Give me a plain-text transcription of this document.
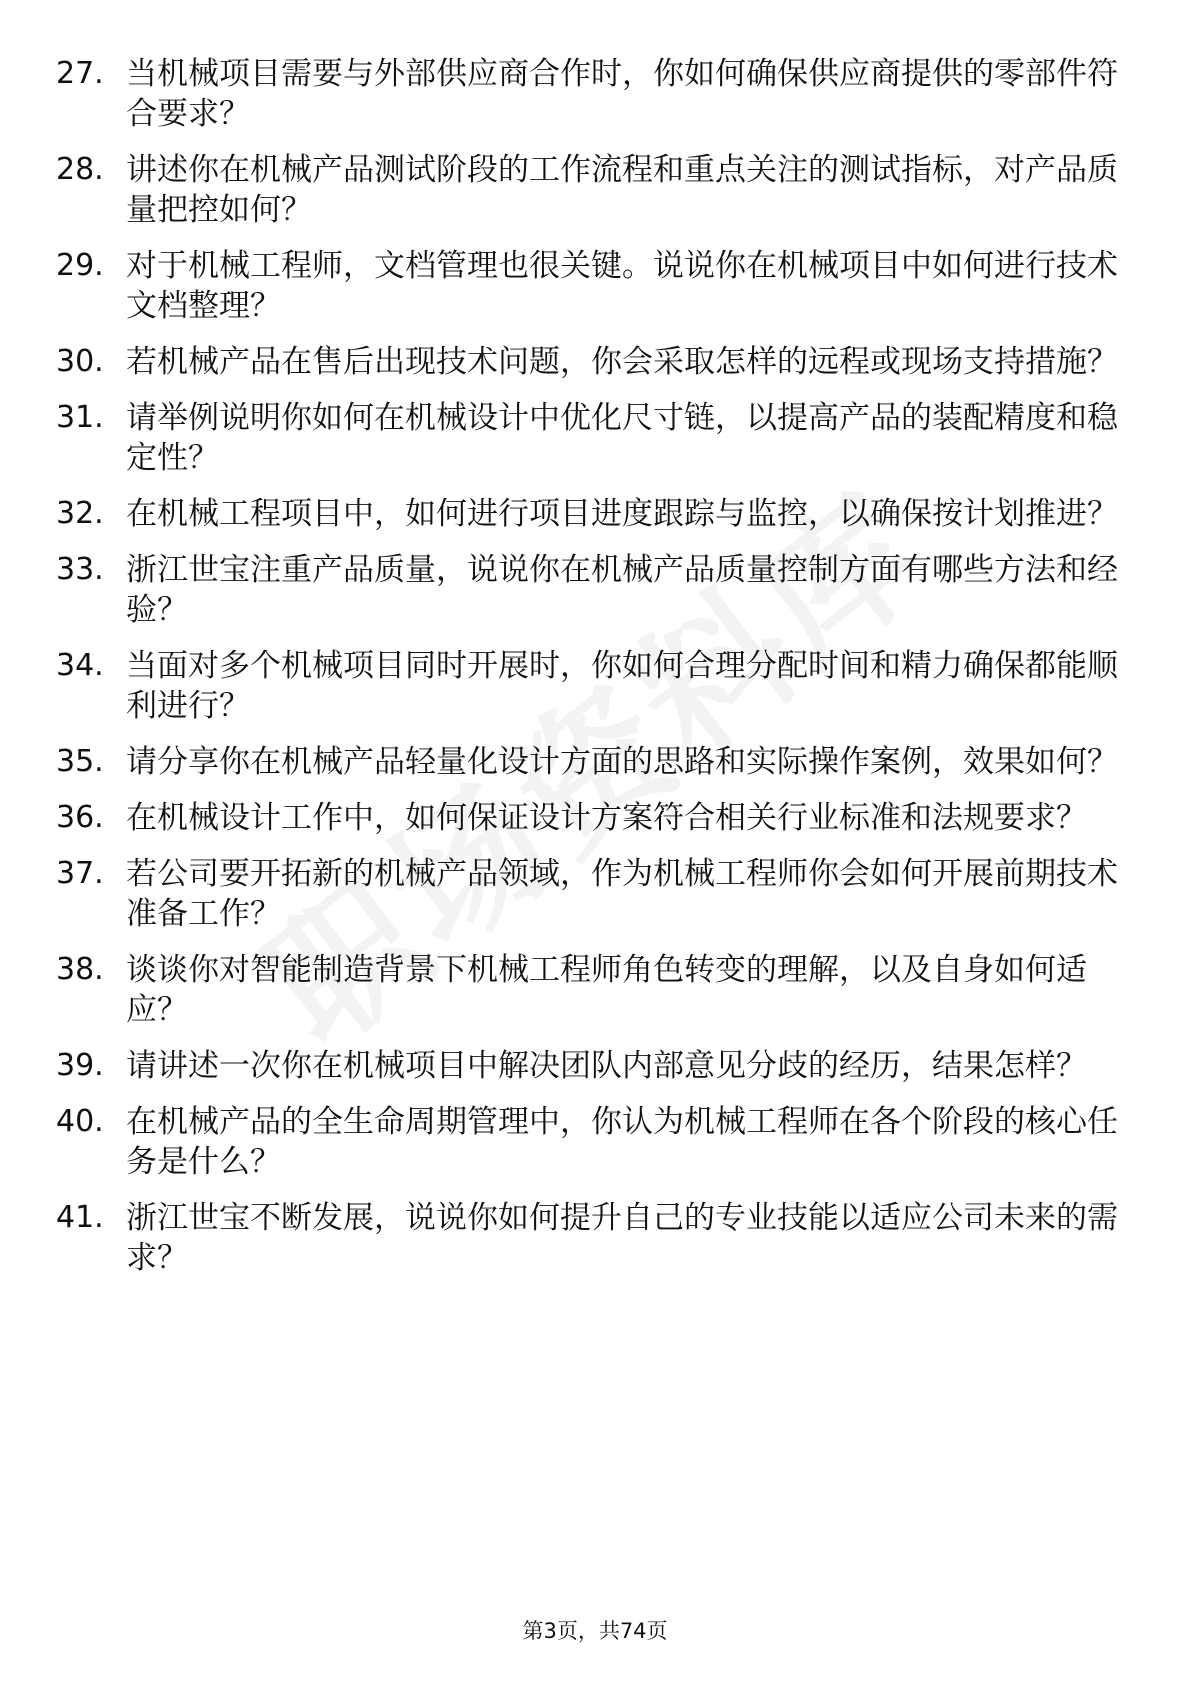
27. 当机械项目需要与外部供应商合作时，你如何确保供应商提供的零部件符合要求？
28. 讲述你在机械产品测试阶段的工作流程和重点关注的测试指标，对产品质量把控如何？
29. 对于机械工程师，文档管理也很关键。说说你在机械项目中如何进行技术文档整理？
30. 若机械产品在售后出现技术问题，你会采取怎样的远程或现场支持措施？
31. 请举例说明你如何在机械设计中优化尺寸链，以提高产品的装配精度和稳定性？
32. 在机械工程项目中，如何进行项目进度跟踪与监控，以确保按计划推进？
33. 浙江世宝注重产品质量，说说你在机械产品质量控制方面有哪些方法和经验？
34. 当面对多个机械项目同时开展时，你如何合理分配时间和精力确保都能顺利进行？
35. 请分享你在机械产品轻量化设计方面的思路和实际操作案例，效果如何？
36. 在机械设计工作中，如何保证设计方案符合相关行业标准和法规要求？
37. 若公司要开拓新的机械产品领域，作为机械工程师你会如何开展前期技术准备工作？
38. 谈谈你对智能制造背景下机械工程师角色转变的理解，以及自身如何适应？
39. 请讲述一次你在机械项目中解决团队内部意见分歧的经历，结果怎样？
40. 在机械产品的全生命周期管理中，你认为机械工程师在各个阶段的核心任务是什么？
41. 浙江世宝不断发展，说说你如何提升自己的专业技能以适应公司未来的需求？
第3页，共74页
